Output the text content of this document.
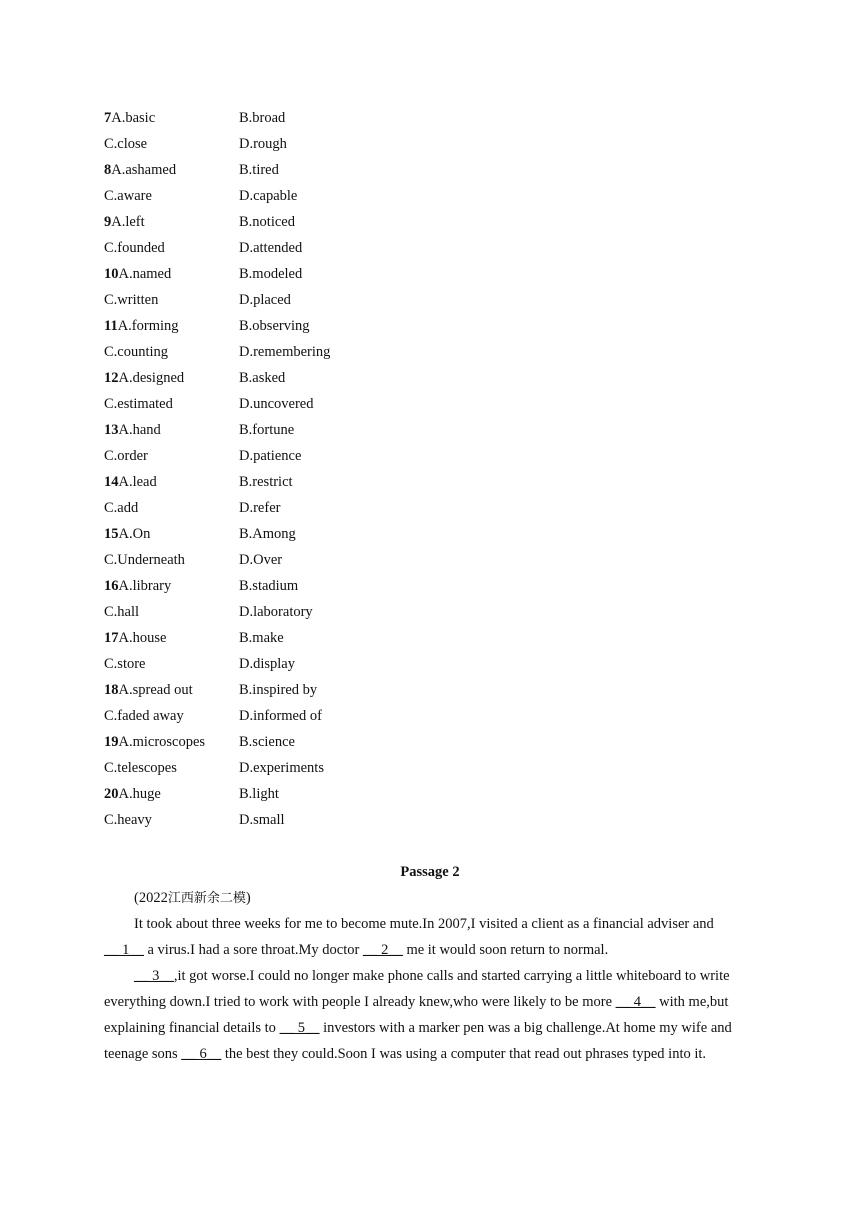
7A.basic	B.broad
C.close	D.rough
8A.ashamed	B.tired
C.aware	D.capable
9A.left	B.noticed
C.founded	D.attended
10A.named	B.modeled
C.written	D.placed
11A.forming	B.observing
C.counting	D.remembering
12A.designed	B.asked
C.estimated	D.uncovered
13A.hand	B.fortune
C.order	D.patience
14A.lead	B.restrict
C.add	D.refer
15A.On	B.Among
C.Underneath	D.Over
16A.library	B.stadium
C.hall	D.laboratory
17A.house	B.make
C.store	D.display
18A.spread out	B.inspired by
C.faded away	D.informed of
19A.microscopes	B.science
C.telescopes	D.experiments
20A.huge	B.light
C.heavy	D.small
Passage 2
(2022江西新余二模)
It took about three weeks for me to become mute.In 2007,I visited a client as a financial adviser and __ 1__ a virus.I had a sore throat.My doctor __ 2__ me it would soon return to normal.
__ 3__,it got worse.I could no longer make phone calls and started carrying a little whiteboard to write everything down.I tried to work with people I already knew,who were likely to be more __ 4__ with me,but explaining financial details to __ 5__ investors with a marker pen was a big challenge.At home my wife and teenage sons __ 6__ the best they could.Soon I was using a computer that read out phrases typed into it.
